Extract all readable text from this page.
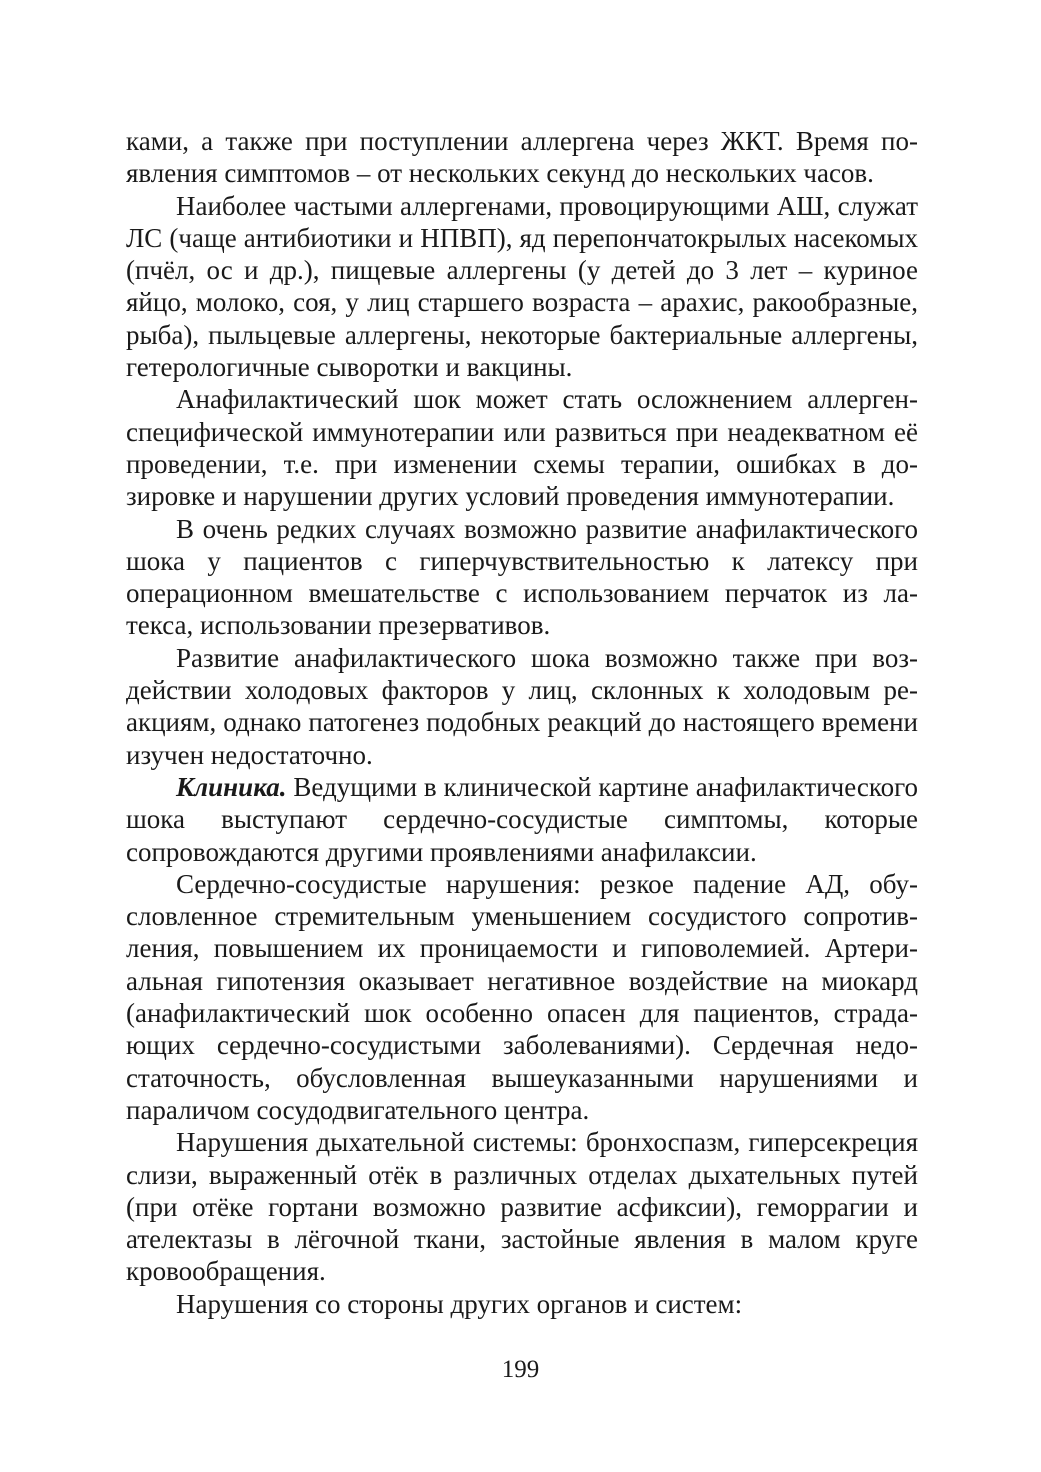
ками, а также при поступлении аллергена через ЖКТ. Время появления симптомов – от нескольких секунд до нескольких часов.

Наиболее частыми аллергенами, провоцирующими АШ, служат ЛС (чаще антибиотики и НПВП), яд перепончатокрылых насекомых (пчёл, ос и др.), пищевые аллергены (у детей до 3 лет – куриное яйцо, молоко, соя, у лиц старшего возраста – арахис, ракообразные, рыба), пыльцевые аллергены, некоторые бактериальные аллергены, гетерологичные сыворотки и вакцины.

Анафилактический шок может стать осложнением аллергенспецифической иммунотерапии или развиться при неадекватном её проведении, т.е. при изменении схемы терапии, ошибках в дозировке и нарушении других условий проведения иммунотерапии.

В очень редких случаях возможно развитие анафилактического шока у пациентов с гиперчувствительностью к латексу при операционном вмешательстве с использованием перчаток из латекса, использовании презервативов.

Развитие анафилактического шока возможно также при воздействии холодовых факторов у лиц, склонных к холодовым реакциям, однако патогенез подобных реакций до настоящего времени изучен недостаточно.

Клиника. Ведущими в клинической картине анафилактического шока выступают сердечно-сосудистые симптомы, которые сопровождаются другими проявлениями анафилаксии.

Сердечно-сосудистые нарушения: резкое падение АД, обусловленное стремительным уменьшением сосудистого сопротивления, повышением их проницаемости и гиповолемией. Артериальная гипотензия оказывает негативное воздействие на миокард (анафилактический шок особенно опасен для пациентов, страдающих сердечно-сосудистыми заболеваниями). Сердечная недостаточность, обусловленная вышеуказанными нарушениями и параличом сосудодвигательного центра.

Нарушения дыхательной системы: бронхоспазм, гиперсекреция слизи, выраженный отёк в различных отделах дыхательных путей (при отёке гортани возможно развитие асфиксии), геморрагии и ателектазы в лёгочной ткани, застойные явления в малом круге кровообращения.

Нарушения со стороны других органов и систем:

199
